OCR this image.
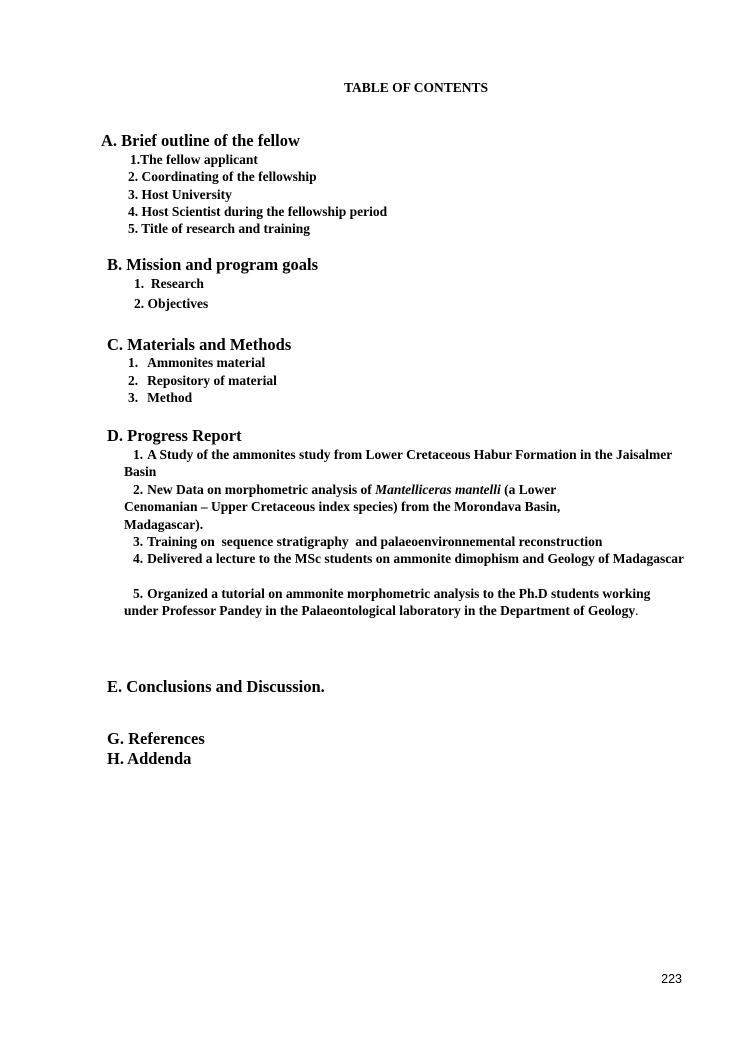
TABLE OF CONTENTS
A. Brief outline of the fellow

1.The fellow applicant

2. Coordinating of the fellowship

3. Host University

4. Host Scientist during the fellowship period

5. Title of research and training

B. Mission and program goals

1.  Research

2. Objectives

C. Materials and Methods

1. Ammonites material

2. Repository of material

3. Method

D. Progress Report

1. A Study of the ammonites study from Lower Cretaceous Habur Formation in the Jaisalmer Basin

2. New Data on morphometric analysis of Mantelliceras mantelli (a Lower Cenomanian – Upper Cretaceous index species) from the Morondava Basin, Madagascar).

3. Training on  sequence stratigraphy  and palaeoenvironnemental reconstruction

4. Delivered a lecture to the MSc students on ammonite dimophism and Geology of Madagascar

5. Organized a tutorial on ammonite morphometric analysis to the Ph.D students working under Professor Pandey in the Palaeontological laboratory in the Department of Geology.

E. Conclusions and Discussion.
G. References
H. Addenda

223
